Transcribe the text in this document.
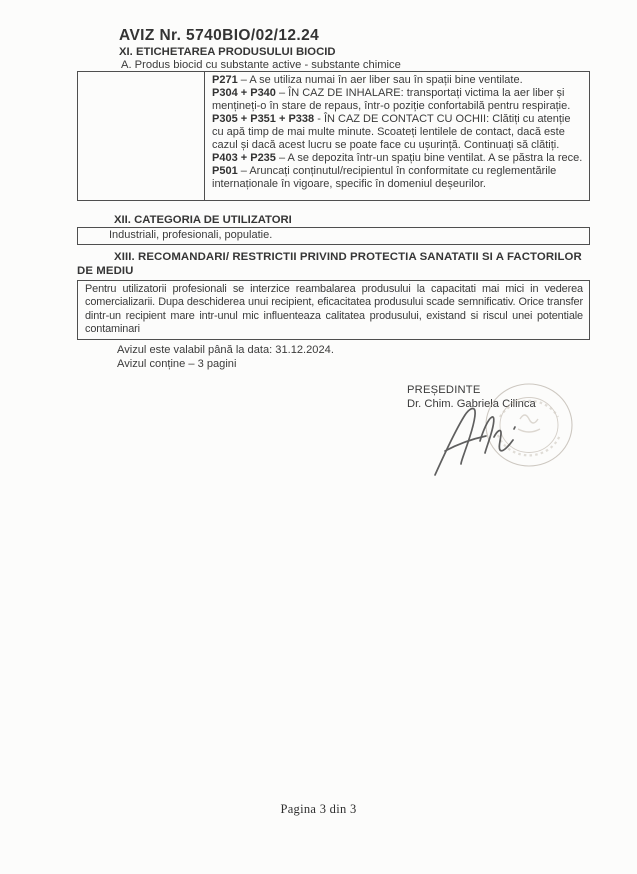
AVIZ Nr. 5740BIO/02/12.24
XI. ETICHETAREA PRODUSULUI BIOCID
A. Produs biocid cu substante active - substante chimice

P271 – A se utiliza numai în aer liber sau în spații bine ventilate.

P304 + P340 – ÎN CAZ DE INHALARE: transportați victima la aer liber și mențineți-o în stare de repaus, într-o poziție confortabilă pentru respirație.

P305 + P351 + P338 - ÎN CAZ DE CONTACT CU OCHII: Clătiți cu atenție cu apă timp de mai multe minute. Scoateți lentilele de contact, dacă este cazul și dacă acest lucru se poate face cu ușurință. Continuați să clătiți.

P403 + P235 – A se depozita într-un spațiu bine ventilat. A se păstra la rece.

P501 – Aruncați conținutul/recipientul în conformitate cu reglementările internaționale în vigoare, specific în domeniul deșeurilor.

XII. CATEGORIA DE UTILIZATORI
Industriali, profesionali, populatie.
XIII. RECOMANDARI/ RESTRICTII PRIVIND PROTECTIA SANATATII SI A FACTORILOR DE MEDIU
Pentru utilizatorii profesionali se interzice reambalarea produsului la capacitati mai mici in vederea comercializarii. Dupa deschiderea unui recipient, eficacitatea produsului scade semnificativ. Orice transfer dintr-un recipient mare intr-unul mic influenteaza calitatea produsului, existand si riscul unei potentiale contaminari
Avizul este valabil până la data: 31.12.2024.
Avizul conține – 3 pagini
PREȘEDINTE
Dr. Chim. Gabriela Cilinca
Pagina 3 din 3
